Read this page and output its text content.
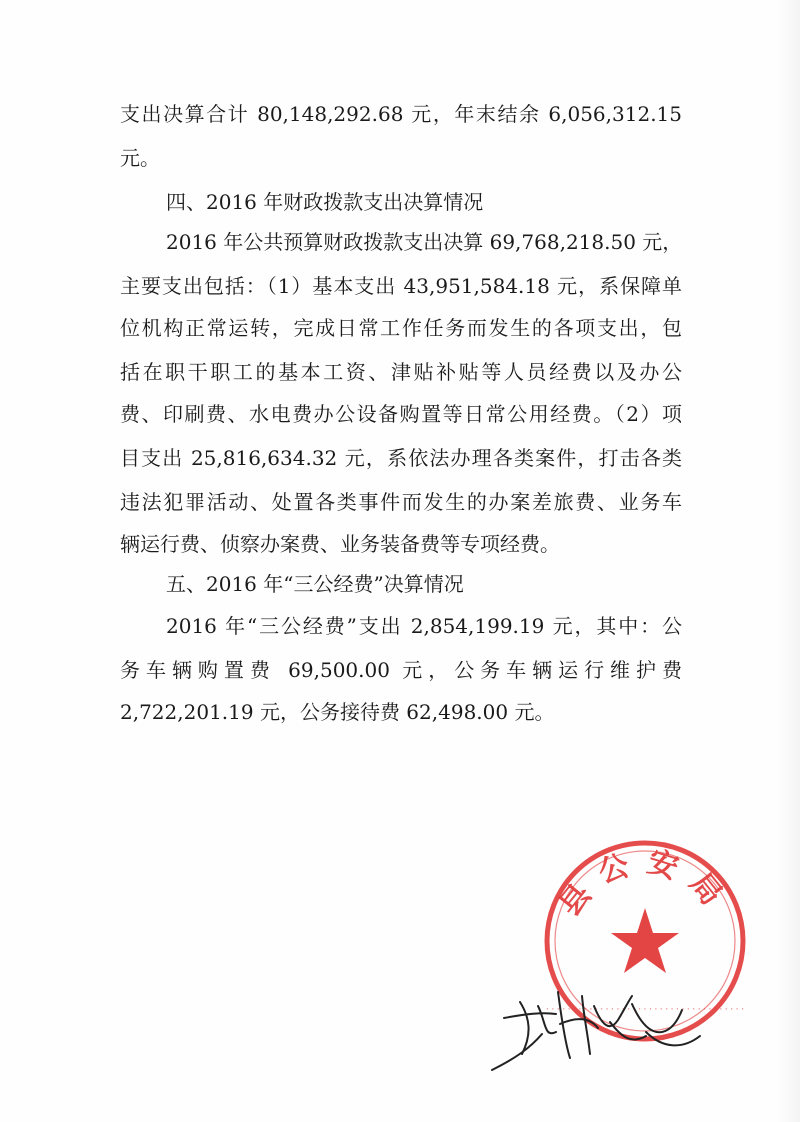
支出决算合计 80,148,292.68 元，年末结余 6,056,312.15
元。
四、2016 年财政拨款支出决算情况
2016 年公共预算财政拨款支出决算 69,768,218.50 元，
主要支出包括：（1）基本支出 43,951,584.18 元，系保障单
位机构正常运转，完成日常工作任务而发生的各项支出，包
括在职干职工的基本工资、津贴补贴等人员经费以及办公
费、印刷费、水电费办公设备购置等日常公用经费。（2）项
目支出 25,816,634.32 元，系依法办理各类案件，打击各类
违法犯罪活动、处置各类事件而发生的办案差旅费、业务车
辆运行费、侦察办案费、业务装备费等专项经费。
五、2016 年“三公经费”决算情况
2016 年“三公经费”支出 2,854,199.19 元，其中：公
务车辆购置费 69,500.00 元，公务车辆运行维护费
2,722,201.19 元，公务接待费 62,498.00 元。
县公安局
·····································
